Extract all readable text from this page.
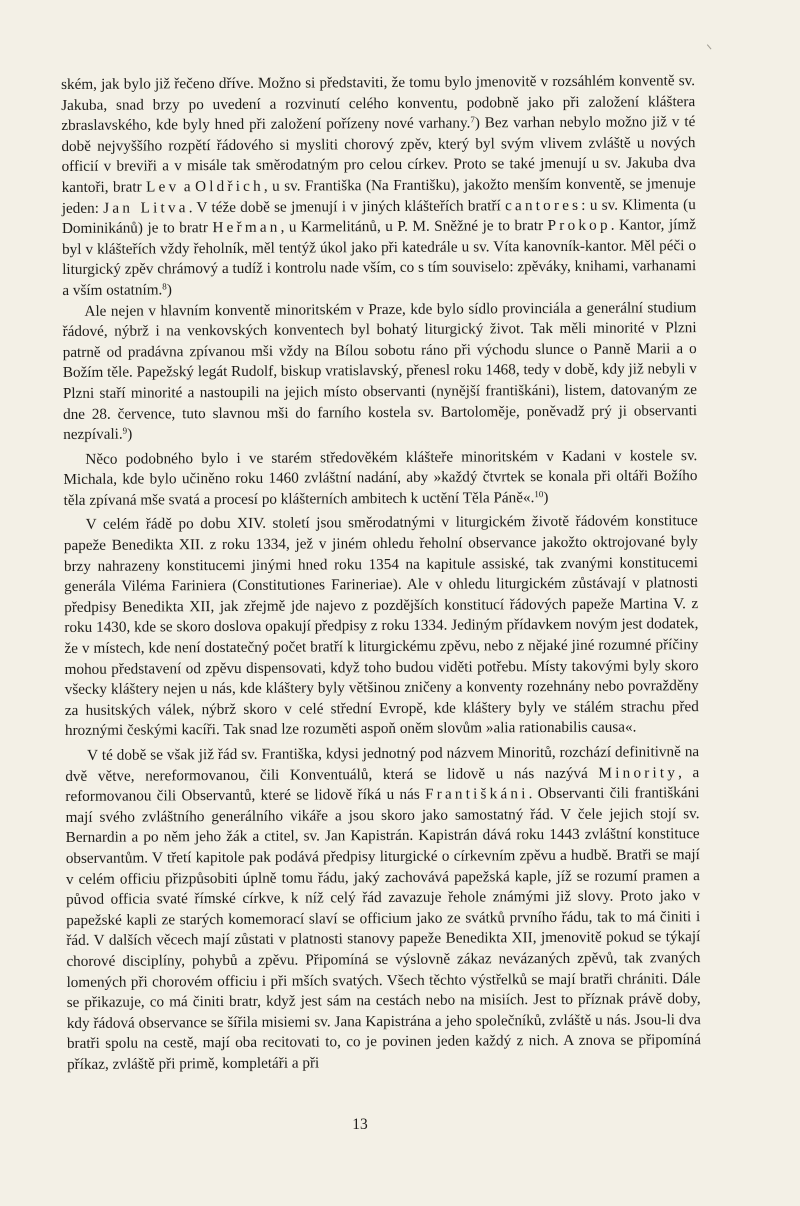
ském, jak bylo již řečeno dříve. Možno si představiti, že tomu bylo jmenovitě v rozsáhlém konventě sv. Jakuba, snad brzy po uvedení a rozvinutí celého konventu, podobně jako při založení kláštera zbraslavského, kde byly hned při založení pořízeny nové varhany.$^7$) Bez varhan nebylo možno již v té době nejvyššího rozpětí řádového si mysliti chorový zpěv, který byl svým vlivem zvláště u nových officií v breviři a v misále tak směrodatným pro celou církev. Proto se také jmenují u sv. Jakuba dva kantoři, bratr Lev a Oldřich, u sv. Františka (Na Františku), jakožto menším konventě, se jmenuje jeden: Jan Litva. V téže době se jmenují i v jiných klášteřích bratří cantores: u sv. Klimenta (u Dominikánů) je to bratr Heřman, u Karmelitánů, u P. M. Sněžné je to bratr Prokop. Kantor, jímž byl v klášteřích vždy řeholník, měl tentýž úkol jako při katedrále u sv. Víta kanovník-kantor. Měl péči o liturgický zpěv chrámový a tudíž i kontrolu nade vším, co s tím souviselo: zpěváky, knihami, varhanami a vším ostatním.$^8$)

Ale nejen v hlavním konventě minoritském v Praze, kde bylo sídlo provinciála a generální studium řádové, nýbrž i na venkovských konventech byl bohatý liturgický život. Tak měli minorité v Plzni patrně od pradávna zpívanou mši vždy na Bílou sobotu ráno při východu slunce o Panně Marii a o Božím těle. Papežský legát Rudolf, biskup vratislavský, přenesl roku 1468, tedy v době, kdy již nebyli v Plzni staří minorité a nastoupili na jejich místo observanti (nynější františkáni), listem, datovaným ze dne 28. července, tuto slavnou mši do farního kostela sv. Bartoloměje, poněvadž prý ji observanti nezpívali.$^9$)

Něco podobného bylo i ve starém středověkém klášteře minoritském v Kadani v kostele sv. Michala, kde bylo učiněno roku 1460 zvláštní nadání, aby »každý čtvrtek se konala při oltáři Božího těla zpívaná mše svatá a procesí po klášterních ambitech k uctění Těla Páně«.$^{10}$)

V celém řádě po dobu XIV. století jsou směrodatnými v liturgickém životě řádovém konstituce papeže Benedikta XII. z roku 1334, jež v jiném ohledu řeholní observance jakožto oktrojované byly brzy nahrazeny konstitucemi jinými hned roku 1354 na kapitule assiské, tak zvanými konstitucemi generála Viléma Fariniera (Constitutiones Farineriae). Ale v ohledu liturgickém zůstávají v platnosti předpisy Benedikta XII, jak zřejmě jde najevo z pozdějších konstitucí řádových papeže Martina V. z roku 1430, kde se skoro doslova opakují předpisy z roku 1334. Jediným přídavkem novým jest dodatek, že v místech, kde není dostatečný počet bratří k liturgickému zpěvu, nebo z nějaké jiné rozumné příčiny mohou představení od zpěvu dispensovati, když toho budou viděti potřebu. Místy takovými byly skoro všecky kláštery nejen u nás, kde kláštery byly většinou zničeny a konventy rozehnány nebo povražděny za husitských válek, nýbrž skoro v celé střední Evropě, kde kláštery byly ve stálém strachu před hroznými českými kacíři. Tak snad lze rozuměti aspoň oněm slovům »alia rationabilis causa«.

V té době se však již řád sv. Františka, kdysi jednotný pod názvem Minoritů, rozchází definitivně na dvě větve, nereformovanou, čili Konventuálů, která se lidově u nás nazývá Minority, a reformovanou čili Observantů, které se lidově říká u nás Františkáni. Observanti čili františkáni mají svého zvláštního generálního vikáře a jsou skoro jako samostatný řád. V čele jejich stojí sv. Bernardin a po něm jeho žák a ctitel, sv. Jan Kapistrán. Kapistrán dává roku 1443 zvláštní konstituce observantům. V třetí kapitole pak podává předpisy liturgické o církevním zpěvu a hudbě. Bratři se mají v celém officiu přizpůsobiti úplně tomu řádu, jaký zachovává papežská kaple, jíž se rozumí pramen a původ officia svaté římské církve, k níž celý řád zavazuje řehole známými již slovy. Proto jako v papežské kapli ze starých komemorací slaví se officium jako ze svátků prvního řádu, tak to má činiti i řád. V dalších věcech mají zůstati v platnosti stanovy papeže Benedikta XII, jmenovitě pokud se týkají chorové disciplíny, pohybů a zpěvu. Připomíná se výslovně zákaz nevázaných zpěvů, tak zvaných lomených při chorovém officiu i při mších svatých. Všech těchto výstřelků se mají bratři chrániti. Dále se přikazuje, co má činiti bratr, když jest sám na cestách nebo na misiích. Jest to příznak právě doby, kdy řádová observance se šířila misiemi sv. Jana Kapistrána a jeho společníků, zvláště u nás. Jsou-li dva bratři spolu na cestě, mají oba recitovati to, co je povinen jeden každý z nich. A znova se připomíná příkaz, zvláště při primě, kompletáři a při

13
